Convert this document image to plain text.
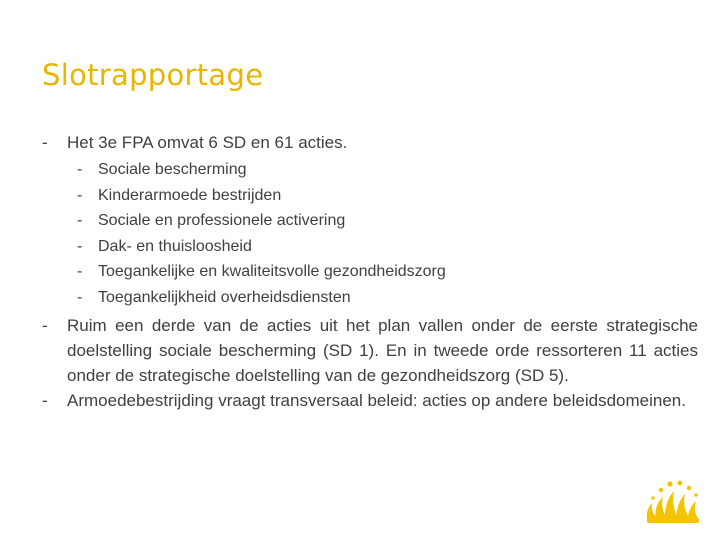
Slotrapportage
- Het 3e FPA omvat 6 SD en 61 acties.
- Sociale bescherming
- Kinderarmoede bestrijden
- Sociale en professionele activering
- Dak- en thuisloosheid
- Toegankelijke en kwaliteitsvolle gezondheidszorg
- Toegankelijkheid overheidsdiensten
- Ruim een derde van de acties uit het plan vallen onder de eerste strategische doelstelling sociale bescherming (SD 1). En in tweede orde ressorteren 11 acties onder de strategische doelstelling van de gezondheidszorg (SD 5).
- Armoedebestrijding vraagt transversaal beleid: acties op andere beleidsdomeinen.
